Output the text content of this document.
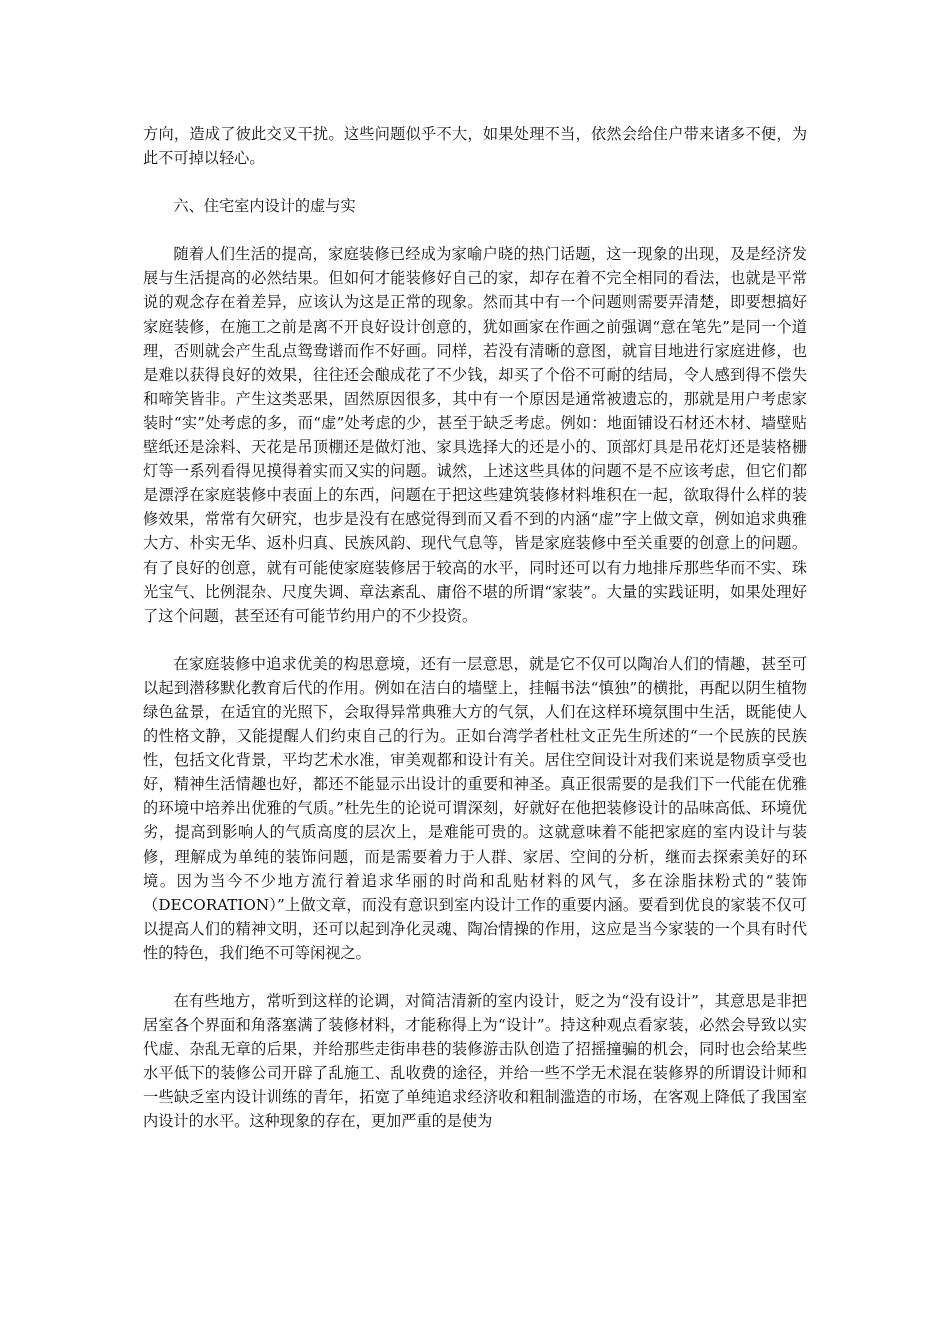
方向，造成了彼此交叉干扰。这些问题似乎不大，如果处理不当，依然会给住户带来诸多不便，为此不可掉以轻心。

六、住宅室内设计的虚与实

随着人们生活的提高，家庭装修已经成为家喻户晓的热门话题，这一现象的出现，及是经济发展与生活提高的必然结果。但如何才能装修好自己的家，却存在着不完全相同的看法，也就是平常说的观念存在着差异，应该认为这是正常的现象。然而其中有一个问题则需要弄清楚，即要想搞好家庭装修，在施工之前是离不开良好设计创意的，犹如画家在作画之前强调“意在笔先”是同一个道理，否则就会产生乱点鸳鸯谱而作不好画。同样，若没有清晰的意图，就盲目地进行家庭进修，也是难以获得良好的效果，往往还会酿成花了不少钱，却买了个俗不可耐的结局，令人感到得不偿失和啼笑皆非。产生这类恶果，固然原因很多，其中有一个原因是通常被遗忘的，那就是用户考虑家装时“实”处考虑的多，而“虚”处考虑的少，甚至于缺乏考虑。例如：地面铺设石材还木材、墙壁贴壁纸还是涂料、天花是吊顶棚还是做灯池、家具选择大的还是小的、顶部灯具是吊花灯还是装格栅灯等一系列看得见摸得着实而又实的问题。诚然，上述这些具体的问题不是不应该考虑，但它们都是漂浮在家庭装修中表面上的东西，问题在于把这些建筑装修材料堆积在一起，欲取得什么样的装修效果，常常有欠研究，也步是没有在感觉得到而又看不到的内涵“虚”字上做文章，例如追求典雅大方、朴实无华、返朴归真、民族风韵、现代气息等，皆是家庭装修中至关重要的创意上的问题。有了良好的创意，就有可能使家庭装修居于较高的水平，同时还可以有力地排斥那些华而不实、珠光宝气、比例混杂、尺度失调、章法紊乱、庸俗不堪的所谓“家装”。大量的实践证明，如果处理好了这个问题，甚至还有可能节约用户的不少投资。

在家庭装修中追求优美的构思意境，还有一层意思，就是它不仅可以陶冶人们的情趣，甚至可以起到潜移默化教育后代的作用。例如在洁白的墙壁上，挂幅书法“慎独”的横批，再配以阴生植物绿色盆景，在适宜的光照下，会取得异常典雅大方的气氛，人们在这样环境氛围中生活，既能使人的性格文静，又能提醒人们约束自己的行为。正如台湾学者杜杜文正先生所述的“一个民族的民族性，包括文化背景，平均艺术水准，审美观都和设计有关。居住空间设计对我们来说是物质享受也好，精神生活情趣也好，都还不能显示出设计的重要和神圣。真正很需要的是我们下一代能在优雅的环境中培养出优雅的气质。”杜先生的论说可谓深刻，好就好在他把装修设计的品味高低、环境优劣，提高到影响人的气质高度的层次上，是难能可贵的。这就意味着不能把家庭的室内设计与装修，理解成为单纯的装饰问题，而是需要着力于人群、家居、空间的分析，继而去探索美好的环境。因为当今不少地方流行着追求华丽的时尚和乱贴材料的风气，多在涂脂抹粉式的“装饰（DECORATION）”上做文章，而没有意识到室内设计工作的重要内涵。要看到优良的家装不仅可以提高人们的精神文明，还可以起到净化灵魂、陶冶情操的作用，这应是当今家装的一个具有时代性的特色，我们绝不可等闲视之。

在有些地方，常听到这样的论调，对简洁清新的室内设计，贬之为“没有设计”，其意思是非把居室各个界面和角落塞满了装修材料，才能称得上为“设计”。持这种观点看家装，必然会导致以实代虚、杂乱无章的后果，并给那些走街串巷的装修游击队创造了招摇撞骗的机会，同时也会给某些水平低下的装修公司开辟了乱施工、乱收费的途径，并给一些不学无术混在装修界的所谓设计师和一些缺乏室内设计训练的青年，拓宽了单纯追求经济收和粗制滥造的市场，在客观上降低了我国室内设计的水平。这种现象的存在，更加严重的是使为
